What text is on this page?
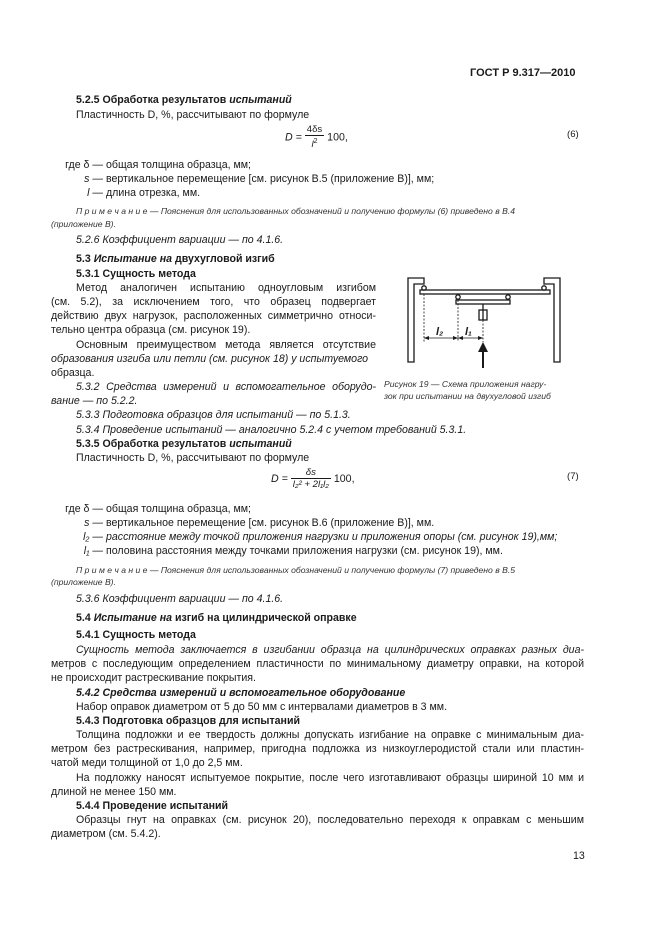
ГОСТ Р 9.317—2010
5.2.5 Обработка результатов испытаний
Пластичность D, %, рассчитывают по формуле
$D = \frac{4\delta s}{l^2} 100$,	(6)
где δ — общая толщина образца, мм;
s — вертикальное перемещение [см. рисунок В.5 (приложение В)], мм;
l — длина отрезка, мм.
П р и м е ч а н и е — Пояснения для использованных обозначений и получению формулы (6) приведено в В.4
(приложение В).
5.2.6 Коэффициент вариации — по 4.1.6.
5.3 Испытание на двухугловой изгиб
5.3.1 Сущность метода
Метод аналогичен испытанию одноугловым изгибом
(см. 5.2), за исключением того, что образец подвергает
действию двух нагрузок, расположенных симметрично относи-
тельно центра образца (см. рисунок 19).
Основным преимуществом метода является отсутствие
образования изгиба или петли (см. рисунок 18) у испытуемого
образца.
l₂ l₁
Рисунок 19 — Схема приложения нагру-
зок при испытании на двухугловой изгиб
5.3.2 Средства измерений и вспомогательное оборудо-
вание — по 5.2.2.
5.3.3 Подготовка образцов для испытаний — по 5.1.3.
5.3.4 Проведение испытаний — аналогично 5.2.4 с учетом требований 5.3.1.
5.3.5 Обработка результатов испытаний
Пластичность D, %, рассчитывают по формуле
$D = \frac{\delta s}{\text{l₂² + 2l₁l₂}} 100$,	(7)
где δ — общая толщина образца, мм;
s — вертикальное перемещение [см. рисунок В.6 (приложение В)], мм.
l₂ — расстояние между точкой приложения нагрузки и приложения опоры (см. рисунок 19),мм;
l₁ — половина расстояния между точками приложения нагрузки (см. рисунок 19), мм.
П р и м е ч а н и е — Пояснения для использованных обозначений и получению формулы (7) приведено в В.5
(приложение В).
5.3.6 Коэффициент вариации — по 4.1.6.
5.4 Испытание на изгиб на цилиндрической оправке
5.4.1 Сущность метода
Сущность метода заключается в изгибании образца на цилиндрических оправках разных диа-
метров с последующим определением пластичности по минимальному диаметру оправки, на которой
не происходит растрескивание покрытия.
5.4.2 Средства измерений и вспомогательное оборудование
Набор оправок диаметром от 5 до 50 мм с интервалами диаметров в 3 мм.
5.4.3 Подготовка образцов для испытаний
Толщина подложки и ее твердость должны допускать изгибание на оправке с минимальным диа-
метром без растрескивания, например, пригодна подложка из низкоуглеродистой стали или пластин-
чатой меди толщиной от 1,0 до 2,5 мм.
На подложку наносят испытуемое покрытие, после чего изготавливают образцы шириной 10 мм и
длиной не менее 150 мм.
5.4.4 Проведение испытаний
Образцы гнут на оправках (см. рисунок 20), последовательно переходя к оправкам с меньшим
диаметром (см. 5.4.2).
13
